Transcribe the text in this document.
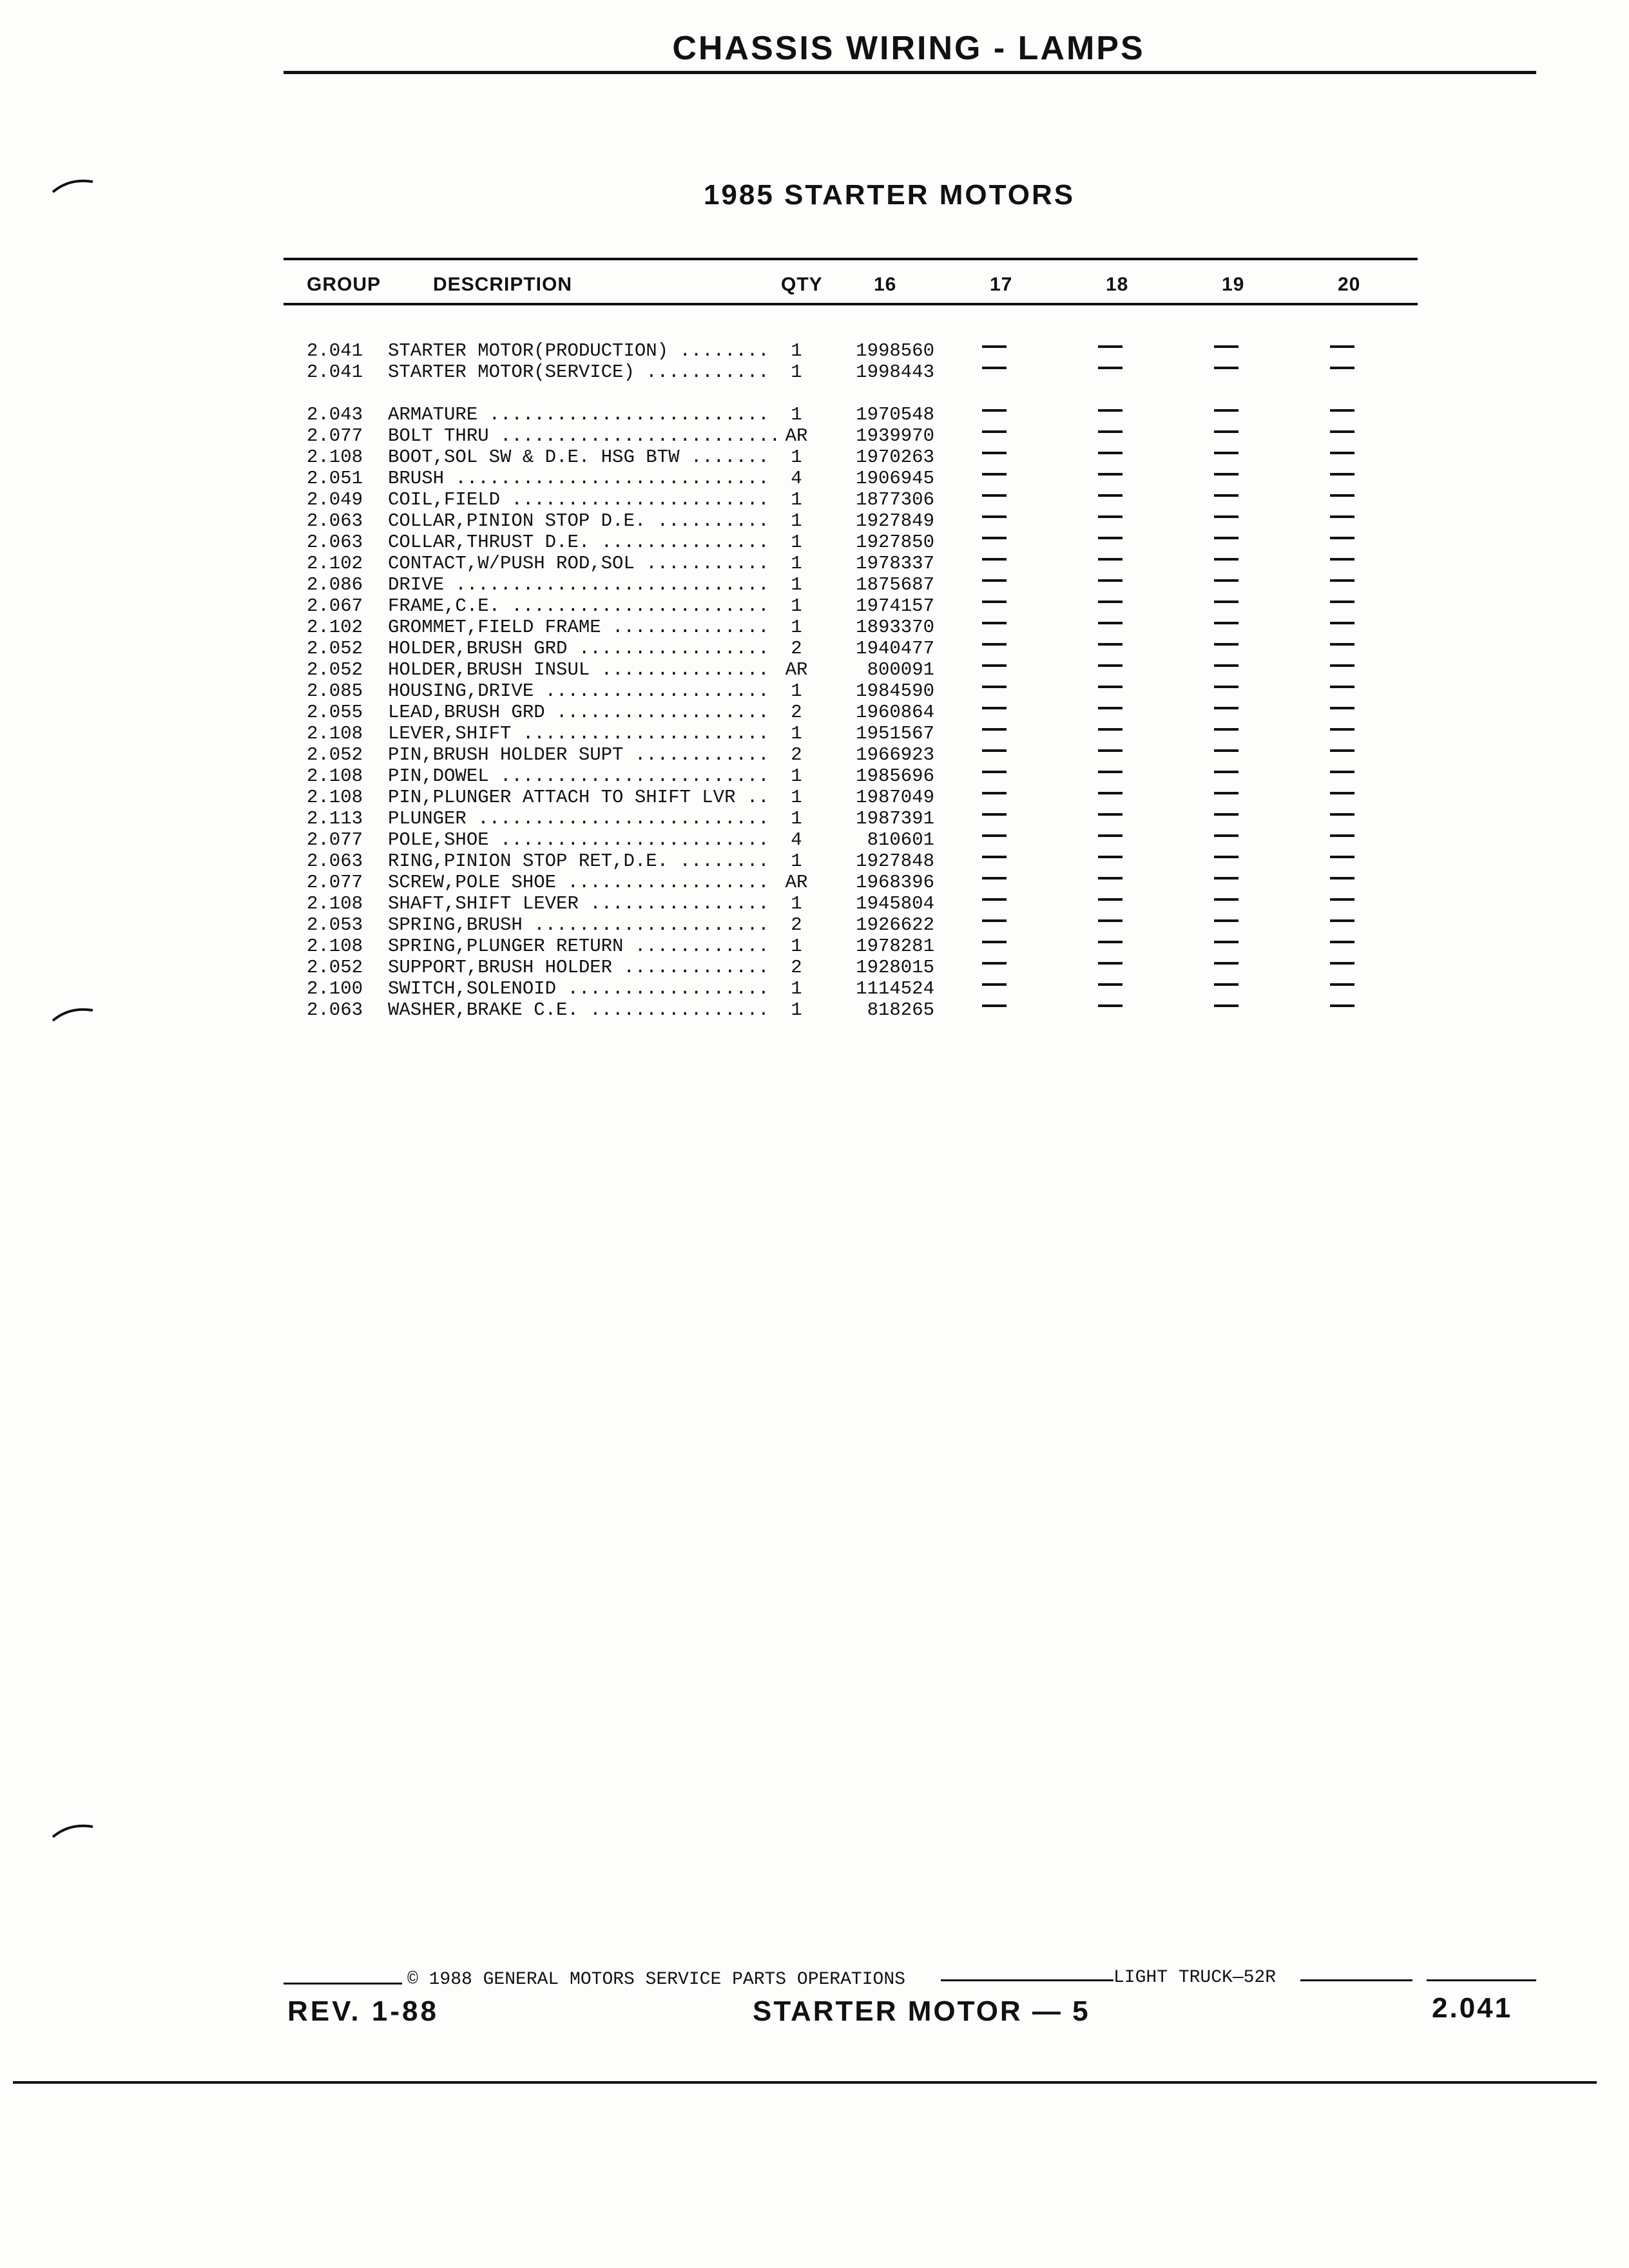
CHASSIS WIRING - LAMPS
1985 STARTER MOTORS
GROUP	DESCRIPTION	QTY	16	17	18	19	20
2.041	STARTER MOTOR(PRODUCTION) ........	1	1998560
2.041	STARTER MOTOR(SERVICE) ...........	1	1998443
2.043	ARMATURE .........................	1	1970548
2.077	BOLT THRU ......................... AR	1939970
2.108	BOOT,SOL SW & D.E. HSG BTW .......	1	1970263
2.051	BRUSH ............................	4	1906945
2.049	COIL,FIELD .......................	1	1877306
2.063	COLLAR,PINION STOP D.E. ..........	1	1927849
2.063	COLLAR,THRUST D.E. ...............	1	1927850
2.102	CONTACT,W/PUSH ROD,SOL ...........	1	1978337
2.086	DRIVE ............................	1	1875687
2.067	FRAME,C.E. .......................	1	1974157
2.102	GROMMET,FIELD FRAME ..............	1	1893370
2.052	HOLDER,BRUSH GRD .................	2	1940477
2.052	HOLDER,BRUSH INSUL ............... AR	800091
2.085	HOUSING,DRIVE ....................	1	1984590
2.055	LEAD,BRUSH GRD ...................	2	1960864
2.108	LEVER,SHIFT ......................	1	1951567
2.052	PIN,BRUSH HOLDER SUPT ............	2	1966923
2.108	PIN,DOWEL ........................	1	1985696
2.108	PIN,PLUNGER ATTACH TO SHIFT LVR ..	1	1987049
2.113	PLUNGER ..........................	1	1987391
2.077	POLE,SHOE ........................	4	810601
2.063	RING,PINION STOP RET,D.E. ........	1	1927848
2.077	SCREW,POLE SHOE .................. AR	1968396
2.108	SHAFT,SHIFT LEVER ................	1	1945804
2.053	SPRING,BRUSH .....................	2	1926622
2.108	SPRING,PLUNGER RETURN ............	1	1978281
2.052	SUPPORT,BRUSH HOLDER .............	2	1928015
2.100	SWITCH,SOLENOID ..................	1	1114524
2.063	WASHER,BRAKE C.E. ................	1	818265
© 1988 GENERAL MOTORS SERVICE PARTS OPERATIONS	LIGHT TRUCK—52R
REV. 1-88	STARTER MOTOR — 5	2.041
